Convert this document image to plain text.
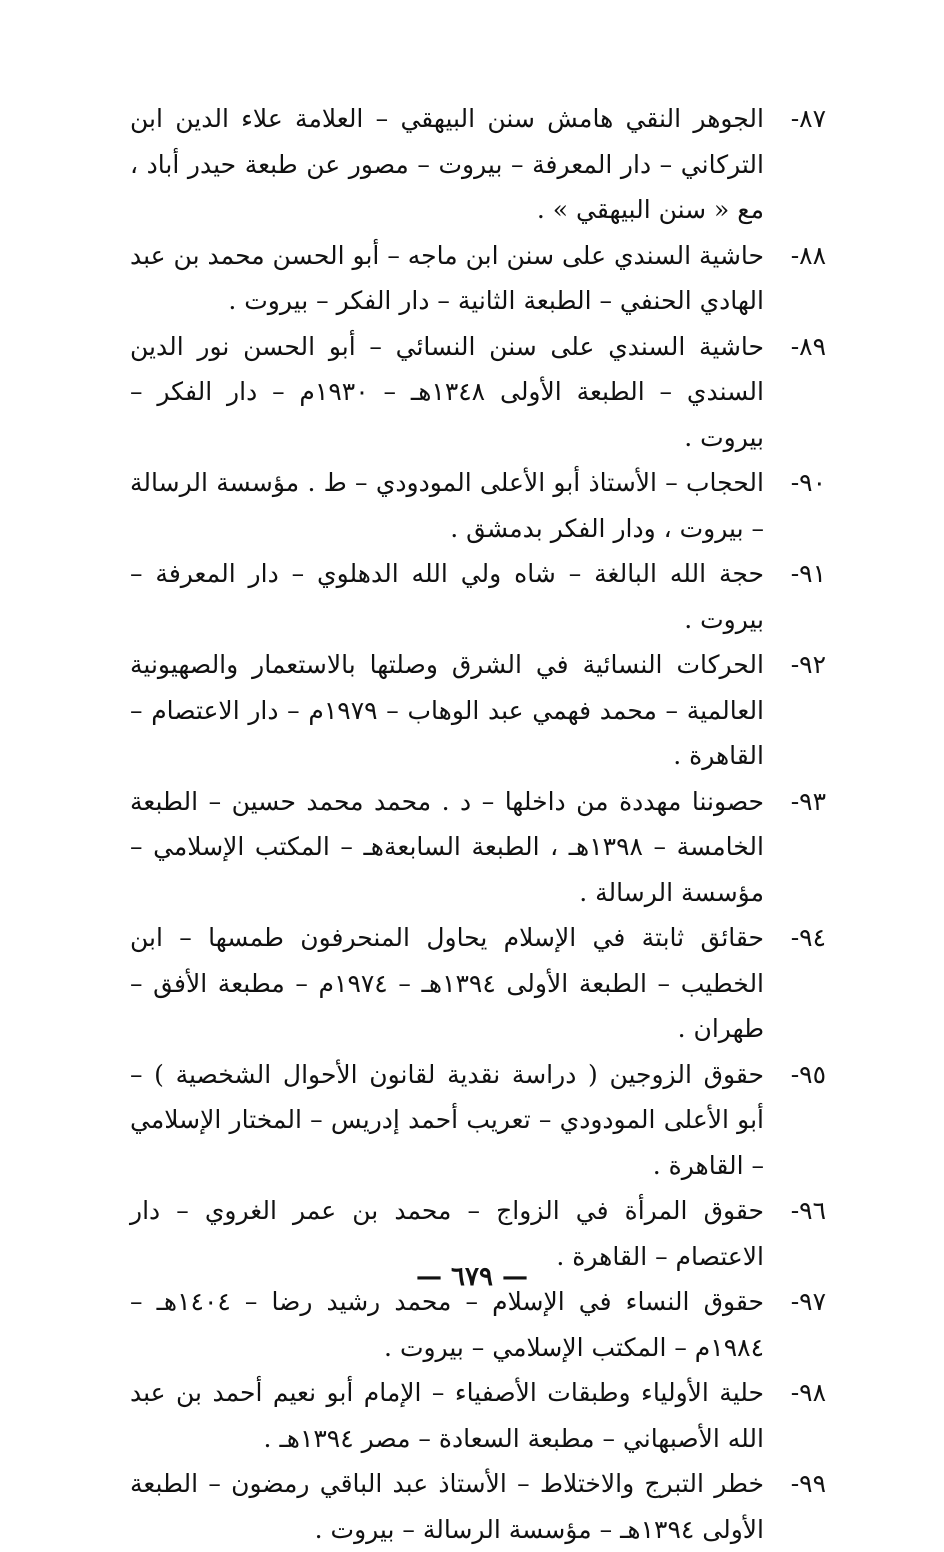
٨٧-
الجوهر النقي هامش سنن البيهقي – العلامة علاء الدين ابن التركاني – دار المعرفة – بيروت – مصور عن طبعة حيدر أباد ، مع « سنن البيهقي » .
٨٨-
حاشية السندي على سنن ابن ماجه – أبو الحسن محمد بن عبد الهادي الحنفي – الطبعة الثانية – دار الفكر – بيروت .
٨٩-
حاشية السندي على سنن النسائي – أبو الحسن نور الدين السندي – الطبعة الأولى ١٣٤٨هـ – ١٩٣٠م – دار الفكر – بيروت .
٩٠-
الحجاب – الأستاذ أبو الأعلى المودودي – ط . مؤسسة الرسالة – بيروت ، ودار الفكر بدمشق .
٩١-
حجة الله البالغة – شاه ولي الله الدهلوي – دار المعرفة – بيروت .
٩٢-
الحركات النسائية في الشرق وصلتها بالاستعمار والصهيونية العالمية – محمد فهمي عبد الوهاب – ١٩٧٩م – دار الاعتصام – القاهرة .
٩٣-
حصوننا مهددة من داخلها – د . محمد محمد حسين – الطبعة الخامسة – ١٣٩٨هـ ، الطبعة السابعةهـ – المكتب الإسلامي – مؤسسة الرسالة .
٩٤-
حقائق ثابتة في الإسلام يحاول المنحرفون طمسها – ابن الخطيب – الطبعة الأولى ١٣٩٤هـ – ١٩٧٤م – مطبعة الأفق – طهران .
٩٥-
حقوق الزوجين ( دراسة نقدية لقانون الأحوال الشخصية ) – أبو الأعلى المودودي – تعريب أحمد إدريس – المختار الإسلامي – القاهرة .
٩٦-
حقوق المرأة في الزواج – محمد بن عمر الغروي – دار الاعتصام – القاهرة .
٩٧-
حقوق النساء في الإسلام – محمد رشيد رضا – ١٤٠٤هـ – ١٩٨٤م – المكتب الإسلامي – بيروت .
٩٨-
حلية الأولياء وطبقات الأصفياء – الإمام أبو نعيم أحمد بن عبد الله الأصبهاني – مطبعة السعادة – مصر ١٣٩٤هـ .
٩٩-
خطر التبرج والاختلاط – الأستاذ عبد الباقي رمضون – الطبعة الأولى ١٣٩٤هـ – مؤسسة الرسالة – بيروت .
— ٦٧٩ —
